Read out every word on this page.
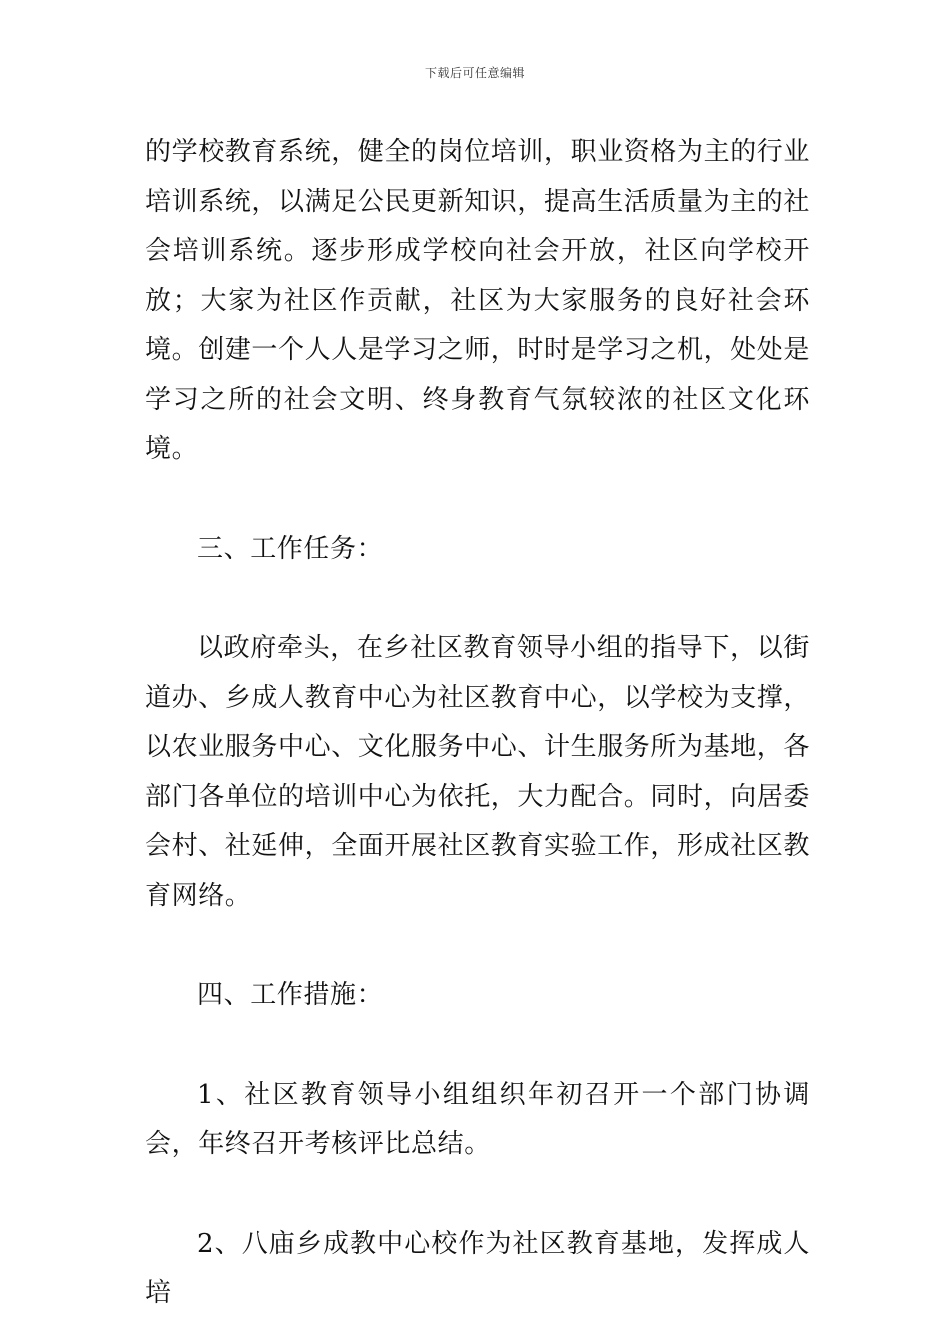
下载后可任意编辑

的学校教育系统，健全的岗位培训，职业资格为主的行业培训系统，以满足公民更新知识，提高生活质量为主的社会培训系统。逐步形成学校向社会开放，社区向学校开放；大家为社区作贡献，社区为大家服务的良好社会环境。创建一个人人是学习之师，时时是学习之机，处处是学习之所的社会文明、终身教育气氛较浓的社区文化环境。

三、工作任务：

以政府牵头，在乡社区教育领导小组的指导下，以街道办、乡成人教育中心为社区教育中心，以学校为支撑，以农业服务中心、文化服务中心、计生服务所为基地，各部门各单位的培训中心为依托，大力配合。同时，向居委会村、社延伸，全面开展社区教育实验工作，形成社区教育网络。

四、工作措施：

1、社区教育领导小组组织年初召开一个部门协调会，年终召开考核评比总结。

2、八庙乡成教中心校作为社区教育基地，发挥成人培
